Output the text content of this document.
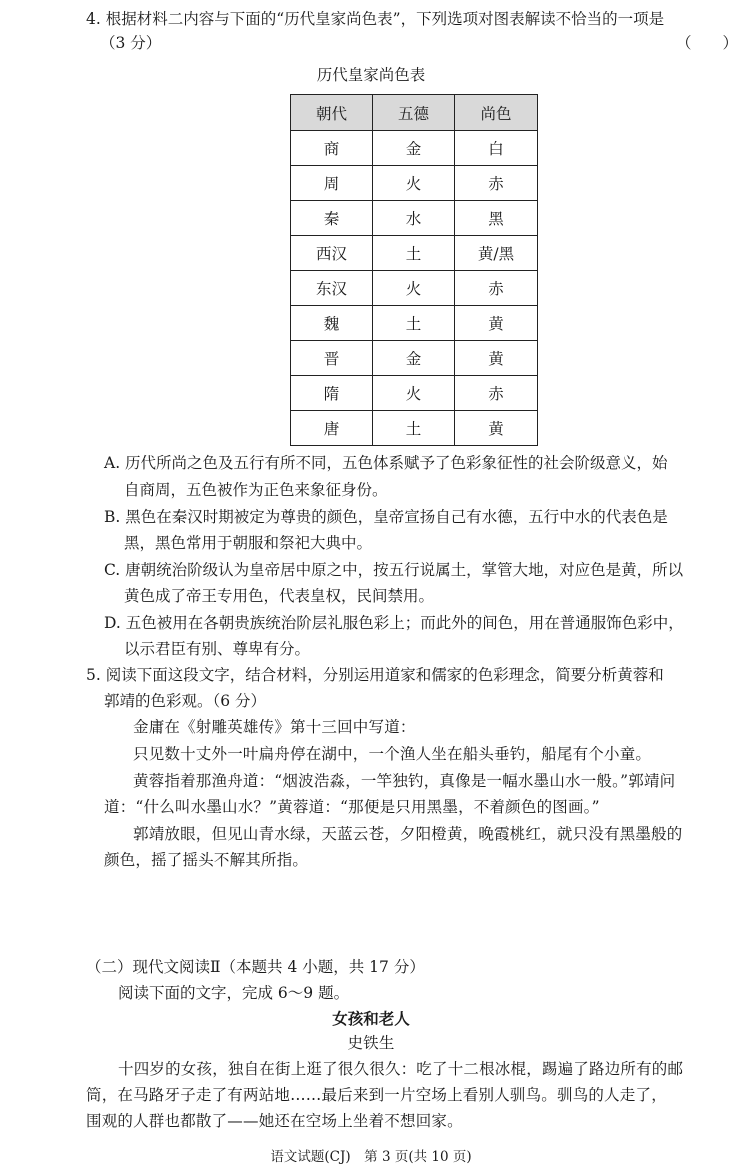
4. 根据材料二内容与下面的“历代皇家尚色表”，下列选项对图表解读不恰当的一项是
（3 分）	（　　）
历代皇家尚色表
朝代	五德	尚色
商	金	白
周	火	赤
秦	水	黑
西汉	土	黄/黑
东汉	火	赤
魏	土	黄
晋	金	黄
隋	火	赤
唐	土	黄
A. 历代所尚之色及五行有所不同，五色体系赋予了色彩象征性的社会阶级意义，始
自商周，五色被作为正色来象征身份。
B. 黑色在秦汉时期被定为尊贵的颜色，皇帝宣扬自己有水德，五行中水的代表色是
黑，黑色常用于朝服和祭祀大典中。
C. 唐朝统治阶级认为皇帝居中原之中，按五行说属土，掌管大地，对应色是黄，所以
黄色成了帝王专用色，代表皇权，民间禁用。
D. 五色被用在各朝贵族统治阶层礼服色彩上；而此外的间色，用在普通服饰色彩中，
以示君臣有别、尊卑有分。
5. 阅读下面这段文字，结合材料，分别运用道家和儒家的色彩理念，简要分析黄蓉和
郭靖的色彩观。（6 分）
金庸在《射雕英雄传》第十三回中写道：
只见数十丈外一叶扁舟停在湖中，一个渔人坐在船头垂钓，船尾有个小童。
黄蓉指着那渔舟道：“烟波浩淼，一竿独钓，真像是一幅水墨山水一般。”郭靖问
道：“什么叫水墨山水？”黄蓉道：“那便是只用黑墨，不着颜色的图画。”
郭靖放眼，但见山青水绿，天蓝云苍，夕阳橙黄，晚霞桃红，就只没有黑墨般的
颜色，摇了摇头不解其所指。
（二）现代文阅读Ⅱ（本题共 4 小题，共 17 分）
阅读下面的文字，完成 6～9 题。
女孩和老人
史铁生
十四岁的女孩，独自在街上逛了很久很久：吃了十二根冰棍，踢遍了路边所有的邮
筒，在马路牙子走了有两站地……最后来到一片空场上看别人驯鸟。驯鸟的人走了，
围观的人群也都散了——她还在空场上坐着不想回家。
语文试题(CJ)　第 3 页(共 10 页)
